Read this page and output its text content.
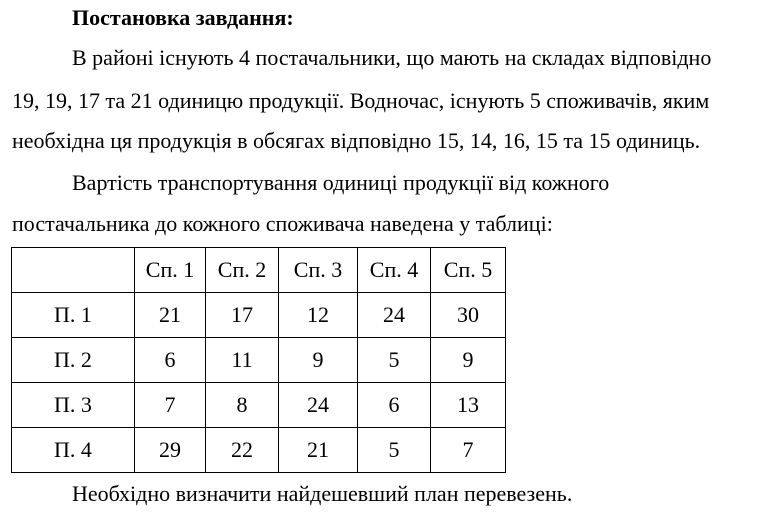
Постановка завдання:
В районі існують 4 постачальники, що мають на складах відповідно
19, 19, 17 та 21 одиницю продукції. Водночас, існують 5 споживачів, яким
необхідна ця продукція в обсягах відповідно 15, 14, 16, 15 та 15 одиниць.
Вартість транспортування одиниці продукції від кожного
постачальника до кожного споживача наведена у таблиці:
	Сп. 1	Сп. 2	Сп. 3	Сп. 4	Сп. 5
П. 1	21	17	12	24	30
П. 2	6	11	9	5	9
П. 3	7	8	24	6	13
П. 4	29	22	21	5	7
Необхідно визначити найдешевший план перевезень.
